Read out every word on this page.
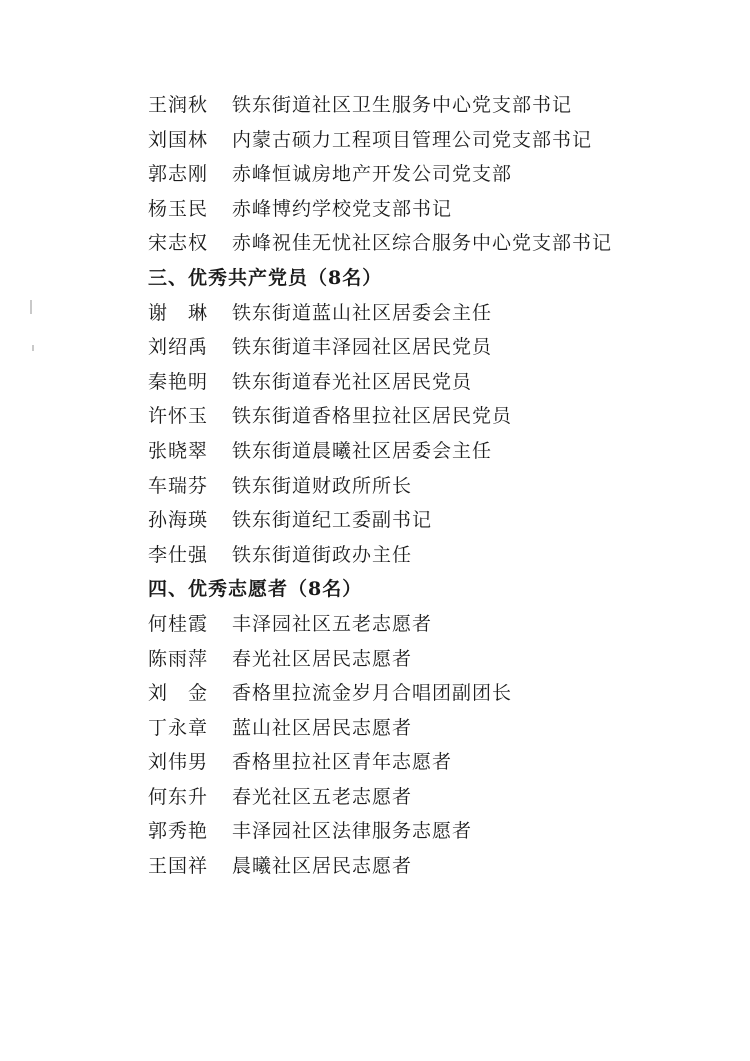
王润秋 铁东街道社区卫生服务中心党支部书记
刘国林 内蒙古硕力工程项目管理公司党支部书记
郭志刚 赤峰恒诚房地产开发公司党支部
杨玉民 赤峰博约学校党支部书记
宋志权 赤峰祝佳无忧社区综合服务中心党支部书记
三、优秀共产党员（8名）
谢　琳 铁东街道蓝山社区居委会主任
刘绍禹 铁东街道丰泽园社区居民党员
秦艳明 铁东街道春光社区居民党员
许怀玉 铁东街道香格里拉社区居民党员
张晓翠 铁东街道晨曦社区居委会主任
车瑞芬 铁东街道财政所所长
孙海瑛 铁东街道纪工委副书记
李仕强 铁东街道街政办主任
四、优秀志愿者（8名）
何桂霞 丰泽园社区五老志愿者
陈雨萍 春光社区居民志愿者
刘　金 香格里拉流金岁月合唱团副团长
丁永章 蓝山社区居民志愿者
刘伟男 香格里拉社区青年志愿者
何东升 春光社区五老志愿者
郭秀艳 丰泽园社区法律服务志愿者
王国祥 晨曦社区居民志愿者
